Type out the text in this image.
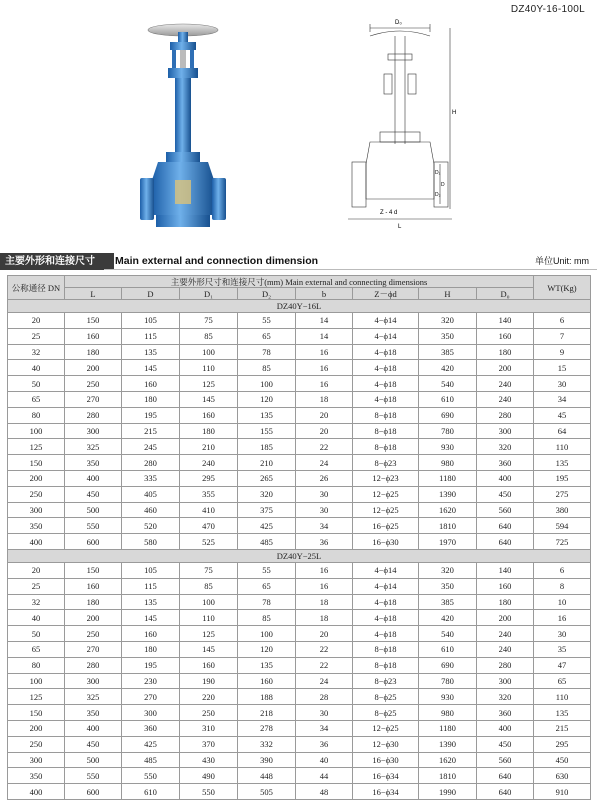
DZ40Y-16-100L
D₀
H
Z - 4 d
L
D
D₁
D₂
主要外形和连接尺寸	Main external and connection dimension	单位Unit: mm
公称通径 DN	主要外形尺寸和连接尺寸(mm) Main external and connecting dimensions								WT(Kg)
	L	D	D₁	D₂	b	Z－ϕd	H	D₀	
DZ40Y−16L									
20	150	105	75	55	14	4−ϕ14	320	140	6
25	160	115	85	65	14	4−ϕ14	350	160	7
32	180	135	100	78	16	4−ϕ18	385	180	9
40	200	145	110	85	16	4−ϕ18	420	200	15
50	250	160	125	100	16	4−ϕ18	540	240	30
65	270	180	145	120	18	4−ϕ18	610	240	34
80	280	195	160	135	20	8−ϕ18	690	280	45
100	300	215	180	155	20	8−ϕ18	780	300	64
125	325	245	210	185	22	8−ϕ18	930	320	110
150	350	280	240	210	24	8−ϕ23	980	360	135
200	400	335	295	265	26	12−ϕ23	1180	400	195
250	450	405	355	320	30	12−ϕ25	1390	450	275
300	500	460	410	375	30	12−ϕ25	1620	560	380
350	550	520	470	425	34	16−ϕ25	1810	640	594
400	600	580	525	485	36	16−ϕ30	1970	640	725
DZ40Y−25L									
20	150	105	75	55	16	4−ϕ14	320	140	6
25	160	115	85	65	16	4−ϕ14	350	160	8
32	180	135	100	78	18	4−ϕ18	385	180	10
40	200	145	110	85	18	4−ϕ18	420	200	16
50	250	160	125	100	20	4−ϕ18	540	240	30
65	270	180	145	120	22	8−ϕ18	610	240	35
80	280	195	160	135	22	8−ϕ18	690	280	47
100	300	230	190	160	24	8−ϕ23	780	300	65
125	325	270	220	188	28	8−ϕ25	930	320	110
150	350	300	250	218	30	8−ϕ25	980	360	135
200	400	360	310	278	34	12−ϕ25	1180	400	215
250	450	425	370	332	36	12−ϕ30	1390	450	295
300	500	485	430	390	40	16−ϕ30	1620	560	450
350	550	550	490	448	44	16−ϕ34	1810	640	630
400	600	610	550	505	48	16−ϕ34	1990	640	910
